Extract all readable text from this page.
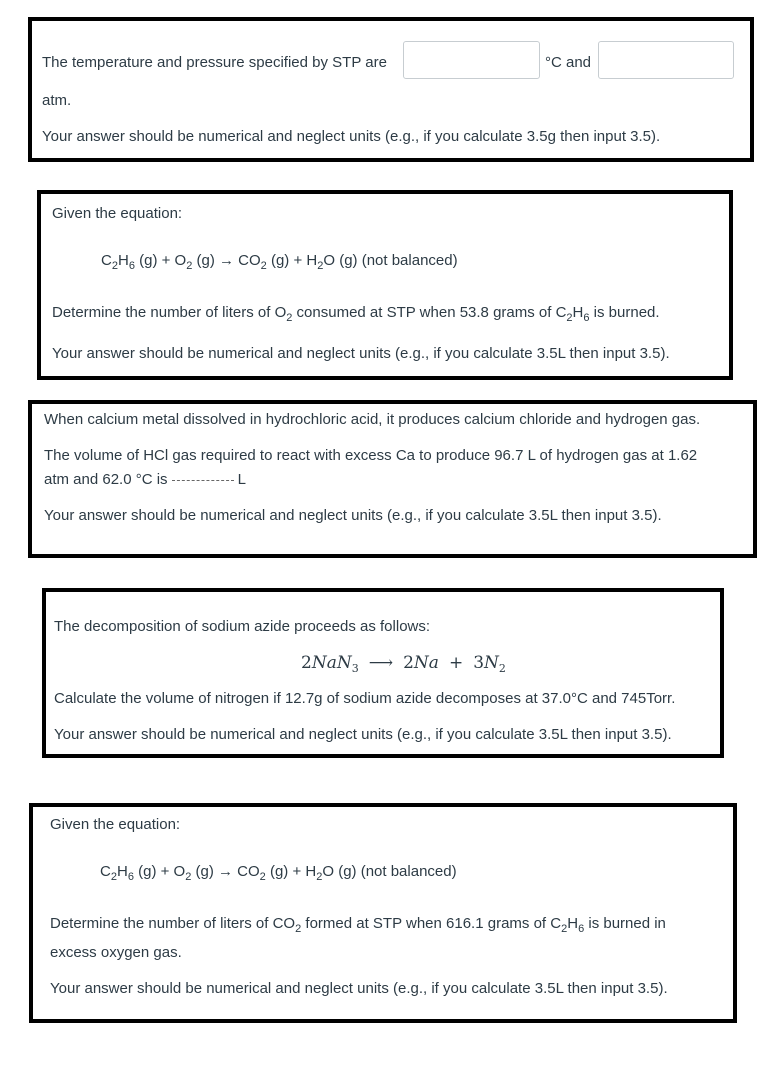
The temperature and pressure specified by STP are	°C and
atm.
Your answer should be numerical and neglect units (e.g., if you calculate 3.5g then input 3.5).
Given the equation:
$C_2H_6$ $(g) + O_2$ $(g) \to CO_2$ $(g) + H_2O$ (g) (not balanced)
Determine the number of liters of $O_2$ consumed at STP when 53.8 grams of $C_2H_6$ is burned.
Your answer should be numerical and neglect units (e.g., if you calculate 3.5L then input 3.5).
When calcium metal dissolved in hydrochloric acid, it produces calcium chloride and hydrogen gas.
The volume of HCl gas required to react with excess Ca to produce 96.7 L of hydrogen gas at 1.62
atm and 62.0 °C is	L
Your answer should be numerical and neglect units (e.g., if you calculate 3.5L then input 3.5).
The decomposition of sodium azide proceeds as follows:
2NaN$_3$ ⟶ $2Na + 3N_2$
Calculate the volume of nitrogen if 12.7g of sodium azide decomposes at 37.0°C and 745Torr.
Your answer should be numerical and neglect units (e.g., if you calculate 3.5L then input 3.5).
Given the equation:
$C_2H_6$ $(g) + O_2$ $(g) \to CO_2$ $(g) + H_2O$ (g) (not balanced)
Determine the number of liters of $CO_2$ formed at STP when 616.1 grams of $C_2H_6$ is burned in
excess oxygen gas.
Your answer should be numerical and neglect units (e.g., if you calculate 3.5L then input 3.5).
